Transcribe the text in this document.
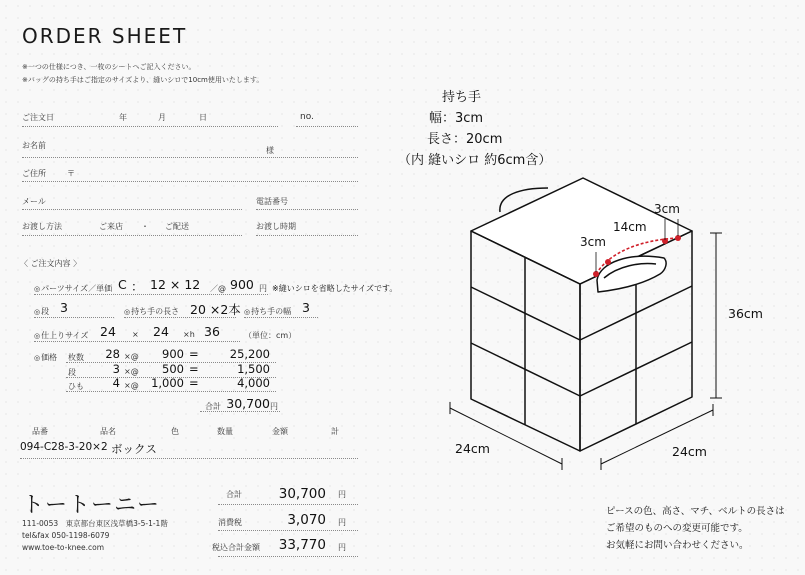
ORDER SHEET
※一つの仕様につき、一枚のシートへご記入ください。
※バッグの持ち手はご指定のサイズより、縫いシロで10cm使用いたします。
ご注文日	年	月	日	no.
お名前
様
ご住所	〒
メール	電話番号
お渡し方法	ご来店 ・ ご配送	お渡し時期
〈 ご注文内容 〉
◎ パーツサイズ／単価 C ： 12 × 12 ／@ 900 円 ※縫いシロを省略したサイズです。
◎ 段 3	◎ 持ち手の長さ 20 ×2本	◎ 持ち手の幅 3
◎ 仕上りサイズ 24 × 24 ×h 36	（単位：cm）
◎ 価格 枚数	28 ×@	900 =	25,200
段	3 ×@	500 =	1,500
ひも	4 ×@	1,000 =	4,000
合計 30,700 円
品番	品名	色	数量	金額	計
094-C28-3-20×2 ボックス
トートーニー
111-0053　東京都台東区浅草橋3-5-1-1階
tel&fax 050-1198-6079
www.toe-to-knee.com
合計	30,700 円
消費税	3,070 円
税込合計金額	33,770 円
持ち手
幅：3cm
長さ：20cm
（内 縫いシロ 約6cm含）
3cm
14cm
3cm
36cm
24cm	24cm
ピースの色、高さ、マチ、ベルトの長さは
ご希望のものへの変更可能です。
お気軽にお問い合わせください。
